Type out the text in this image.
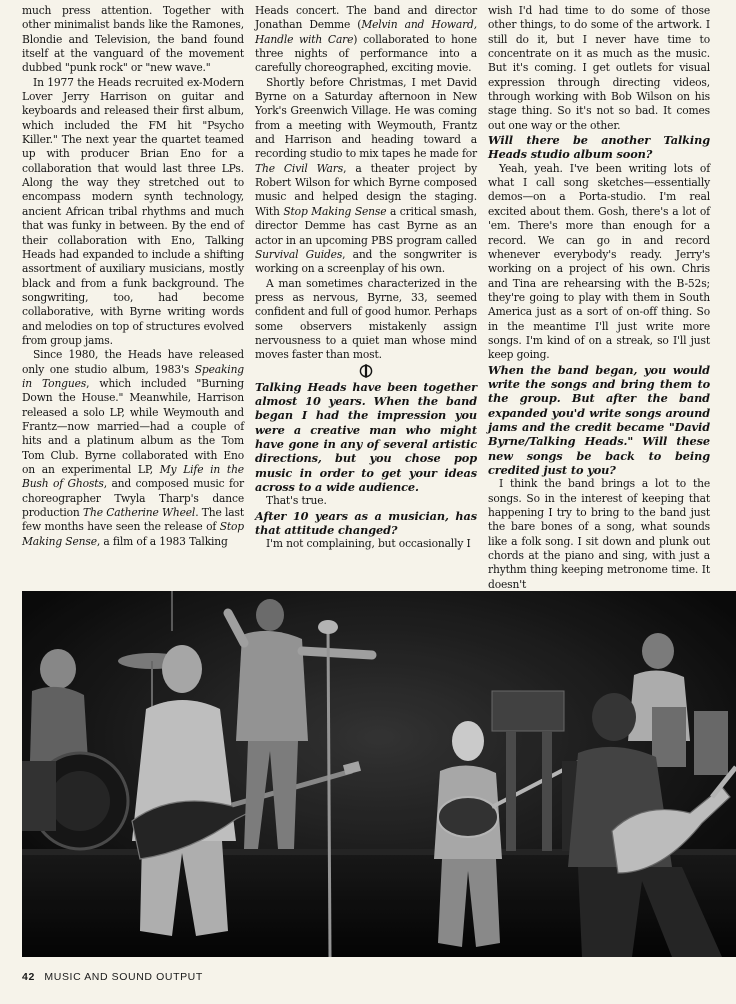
much press attention. Together with other minimalist bands like the Ramones, Blondie and Television, the band found itself at the vanguard of the movement dubbed "punk rock" or "new wave."

In 1977 the Heads recruited ex-Modern Lover Jerry Harrison on guitar and keyboards and released their first album, which included the FM hit "Psycho Killer." The next year the quartet teamed up with producer Brian Eno for a collaboration that would last three LPs. Along the way they stretched out to encompass modern synth technology, ancient African tribal rhythms and much that was funky in between. By the end of their collaboration with Eno, Talking Heads had expanded to include a shifting assortment of auxiliary musicians, mostly black and from a funk background. The songwriting, too, had become collaborative, with Byrne writing words and melodies on top of structures evolved from group jams.

Since 1980, the Heads have released only one studio album, 1983's Speaking in Tongues, which included "Burning Down the House." Meanwhile, Harrison released a solo LP, while Weymouth and Frantz—now married—had a couple of hits and a platinum album as the Tom Tom Club. Byrne collaborated with Eno on an experimental LP, My Life in the Bush of Ghosts, and composed music for choreographer Twyla Tharp's dance production The Catherine Wheel. The last few months have seen the release of Stop Making Sense, a film of a 1983 Talking

Heads concert. The band and director Jonathan Demme (Melvin and Howard, Handle with Care) collaborated to hone three nights of performance into a carefully choreographed, exciting movie.

Shortly before Christmas, I met David Byrne on a Saturday afternoon in New York's Greenwich Village. He was coming from a meeting with Weymouth, Frantz and Harrison and heading toward a recording studio to mix tapes he made for The Civil Wars, a theater project by Robert Wilson for which Byrne composed music and helped design the staging. With Stop Making Sense a critical smash, director Demme has cast Byrne as an actor in an upcoming PBS program called Survival Guides, and the songwriter is working on a screenplay of his own.

A man sometimes characterized in the press as nervous, Byrne, 33, seemed confident and full of good humor. Perhaps some observers mistakenly assign nervousness to a quiet man whose mind moves faster than most.

Talking Heads have been together almost 10 years. When the band began I had the impression you were a creative man who might have gone in any of several artistic directions, but you chose pop music in order to get your ideas across to a wide audience.

That's true.

After 10 years as a musician, has that attitude changed?

I'm not complaining, but occasionally I

wish I'd had time to do some of those other things, to do some of the artwork. I still do it, but I never have time to concentrate on it as much as the music. But it's coming. I get outlets for visual expression through directing videos, through working with Bob Wilson on his stage thing. So it's not so bad. It comes out one way or the other.

Will there be another Talking Heads studio album soon?

Yeah, yeah. I've been writing lots of what I call song sketches—essentially demos—on a Porta-studio. I'm real excited about them. Gosh, there's a lot of 'em. There's more than enough for a record. We can go in and record whenever everybody's ready. Jerry's working on a project of his own. Chris and Tina are rehearsing with the B-52s; they're going to play with them in South America just as a sort of on-off thing. So in the meantime I'll just write more songs. I'm kind of on a streak, so I'll just keep going.

When the band began, you would write the songs and bring them to the group. But after the band expanded you'd write songs around jams and the credit became "David Byrne/Talking Heads." Will these new songs be back to being credited just to you?

I think the band brings a lot to the songs. So in the interest of keeping that happening I try to bring to the band just the bare bones of a song, what sounds like a folk song. I sit down and plunk out chords at the piano and sing, with just a rhythm thing keeping metronome time. It doesn't

42 MUSIC AND SOUND OUTPUT
